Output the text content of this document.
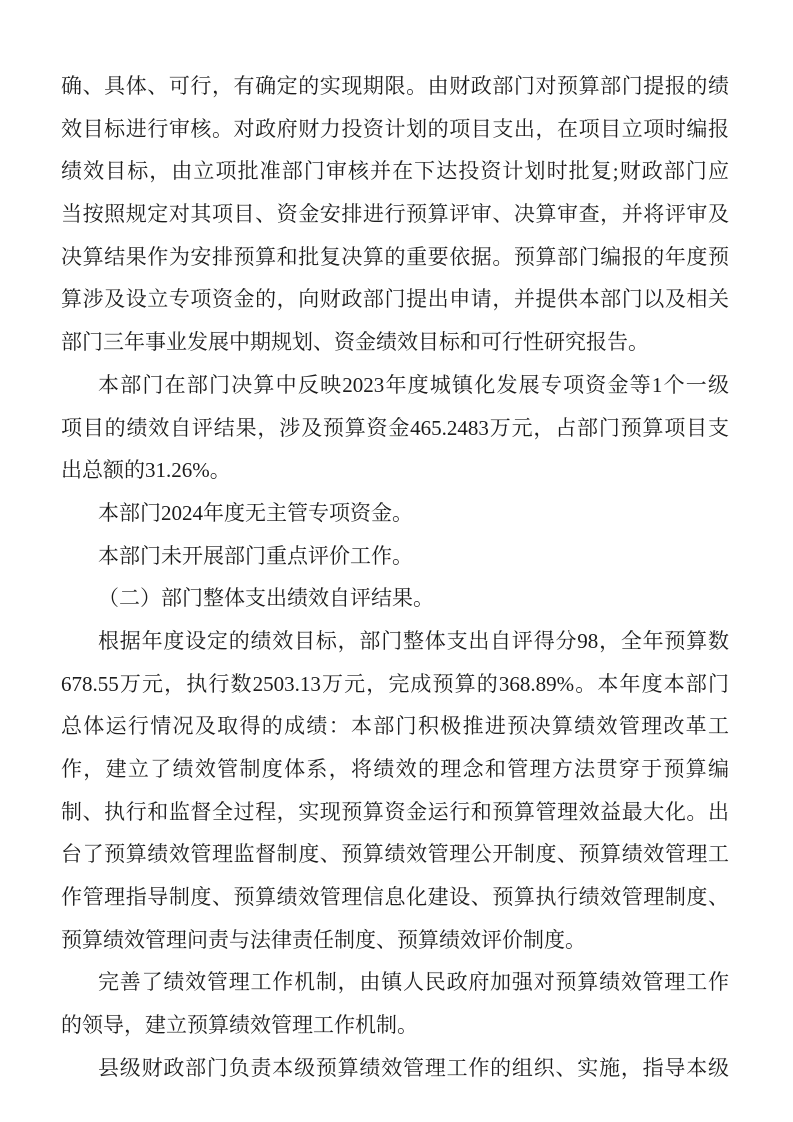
确、具体、可行，有确定的实现期限。由财政部门对预算部门提报的绩
效目标进行审核。对政府财力投资计划的项目支出，在项目立项时编报
绩效目标，由立项批准部门审核并在下达投资计划时批复;财政部门应
当按照规定对其项目、资金安排进行预算评审、决算审查，并将评审及
决算结果作为安排预算和批复决算的重要依据。预算部门编报的年度预
算涉及设立专项资金的，向财政部门提出申请，并提供本部门以及相关
部门三年事业发展中期规划、资金绩效目标和可行性研究报告。
本部门在部门决算中反映2023年度城镇化发展专项资金等1个一级
项目的绩效自评结果，涉及预算资金465.2483万元，占部门预算项目支
出总额的31.26%。
本部门2024年度无主管专项资金。
本部门未开展部门重点评价工作。
（二）部门整体支出绩效自评结果。
根据年度设定的绩效目标，部门整体支出自评得分98，全年预算数
678.55万元，执行数2503.13万元，完成预算的368.89%。本年度本部门
总体运行情况及取得的成绩：本部门积极推进预决算绩效管理改革工
作，建立了绩效管制度体系，将绩效的理念和管理方法贯穿于预算编
制、执行和监督全过程，实现预算资金运行和预算管理效益最大化。出
台了预算绩效管理监督制度、预算绩效管理公开制度、预算绩效管理工
作管理指导制度、预算绩效管理信息化建设、预算执行绩效管理制度、
预算绩效管理问责与法律责任制度、预算绩效评价制度。
完善了绩效管理工作机制，由镇人民政府加强对预算绩效管理工作
的领导，建立预算绩效管理工作机制。
县级财政部门负责本级预算绩效管理工作的组织、实施，指导本级
